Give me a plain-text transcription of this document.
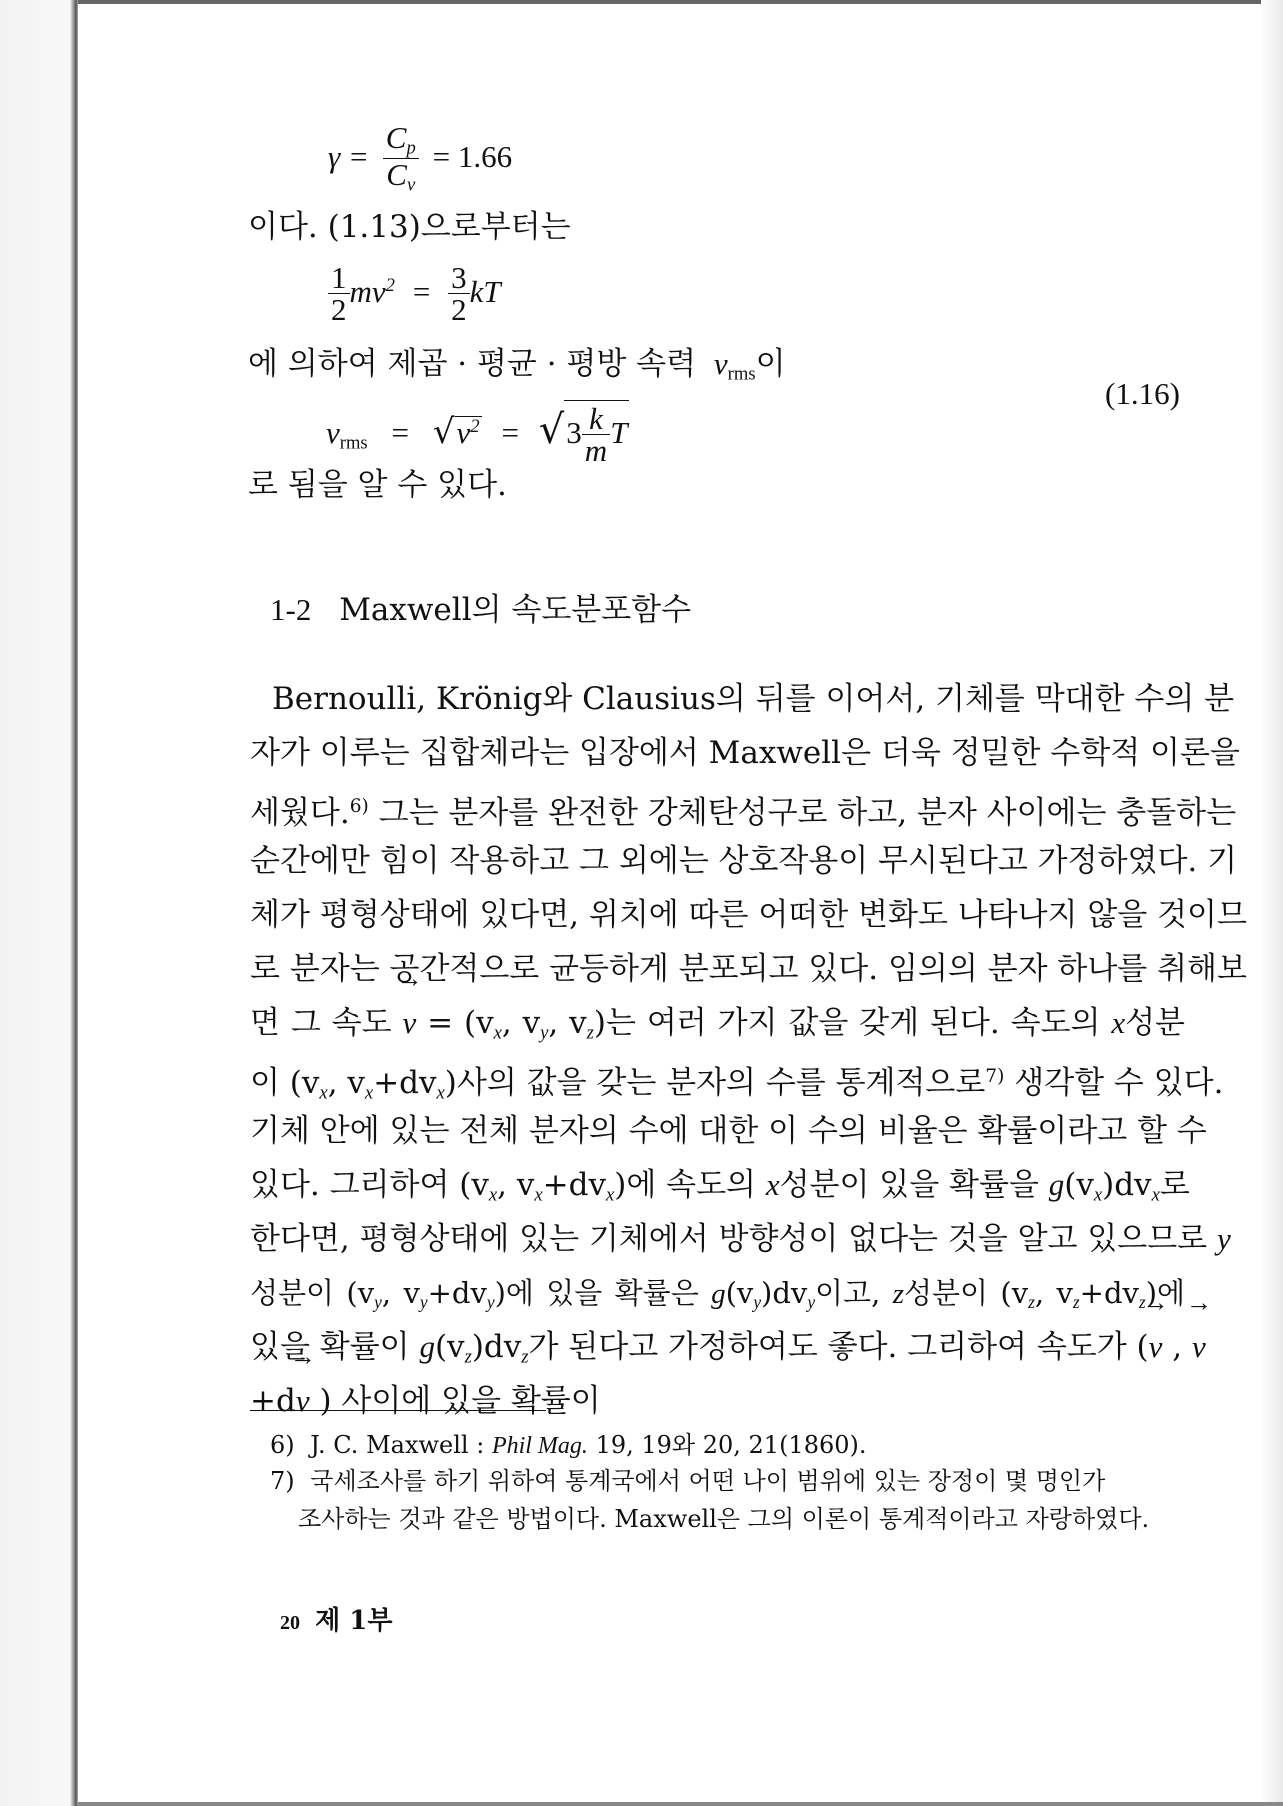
$\gamma = \frac{C_p}{C_v} = 1.66$
이다. (1.13)으로부터는
$\frac{1}{2} mv^2 = \frac{3}{2}$ kT
에 의하여 제곱 · 평균 · 평방 속력 $v_{rms}$이
$v_{rms} = √v^2 = √3 \frac{k}{m}$ T
(1.16)
로 됨을 알 수 있다.
1-2 Maxwell의 속도분포함수
Bernoulli, Krönig와 Clausius의 뒤를 이어서, 기체를 막대한 수의 분
자가 이루는 집합체라는 입장에서 Maxwell은 더욱 정밀한 수학적 이론을
세웠다.$^{6)}$ 그는 분자를 완전한 강체탄성구로 하고, 분자 사이에는 충돌하는
순간에만 힘이 작용하고 그 외에는 상호작용이 무시된다고 가정하였다. 기
체가 평형상태에 있다면, 위치에 따른 어떠한 변화도 나타나지 않을 것이므
로 분자는 공간적으로 균등하게 분포되고 있다. 임의의 분자 하나를 취해보
면 그 속도 → $v = (v_x$, $v_y$, $v_z$)는 여러 가지 값을 갖게 된다. 속도의 x성분
이 ($v_x$, $v_x+dv_x$)사의 값을 갖는 분자의 수를 통계적으로$^{7)}$ 생각할 수 있다.
기체 안에 있는 전체 분자의 수에 대한 이 수의 비율은 확률이라고 할 수
있다. 그리하여 ($v_x$, $v_x+dv_x$)에 속도의 x성분이 있을 확률을 $g(v_x)dv_x$로
한다면, 평형상태에 있는 기체에서 방향성이 없다는 것을 알고 있으므로 y
성분이 ($v_y$, $v_y+dv_y$)에 있을 확률은 $g(v_y)dv_y$이고, z성분이 ($v_z$, $v_z+dv_z$)에
있을 확률이 $g(v_z)dv_z$가 된다고 가정하여도 좋다. 그리하여 속도가 (→ v , → v
+d→ v ) 사이에 있을 확률이
6) J. C. Maxwell : Phil Mag. 19, 19와 20, 21(1860).
7) 국세조사를 하기 위하여 통계국에서 어떤 나이 범위에 있는 장정이 몇 명인가
조사하는 것과 같은 방법이다. Maxwell은 그의 이론이 통계적이라고 자랑하였다.
20 제 1부
